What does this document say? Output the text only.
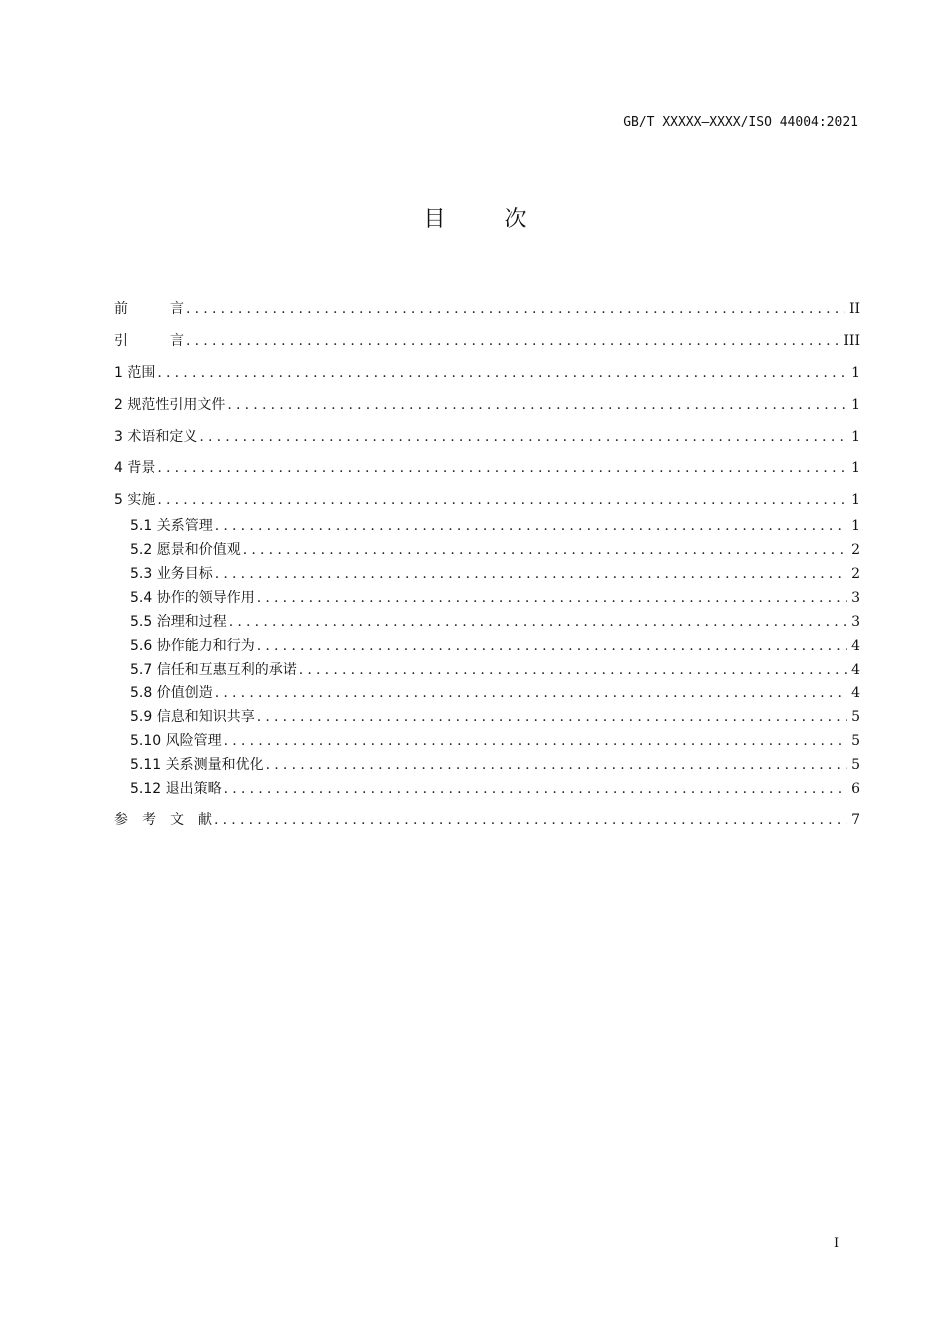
GB/T XXXXX—XXXX/ISO 44004:2021
目	次
前　　　言 .....	II
引　　　言 .....	III
1 范围 .....	1
2 规范性引用文件 .....	1
3 术语和定义 .....	1
4 背景 .....	1
5 实施 .....	1
5.1 关系管理 .....	1
5.2 愿景和价值观 .....	2
5.3 业务目标 .....	2
5.4 协作的领导作用 .....	3
5.5 治理和过程 .....	3
5.6 协作能力和行为 .....	4
5.7 信任和互惠互利的承诺 .....	4
5.8 价值创造 .....	4
5.9 信息和知识共享 .....	5
5.10 风险管理 .....	5
5.11 关系测量和优化 .....	5
5.12 退出策略 .....	6
参　考　文　献 .....	7
I
